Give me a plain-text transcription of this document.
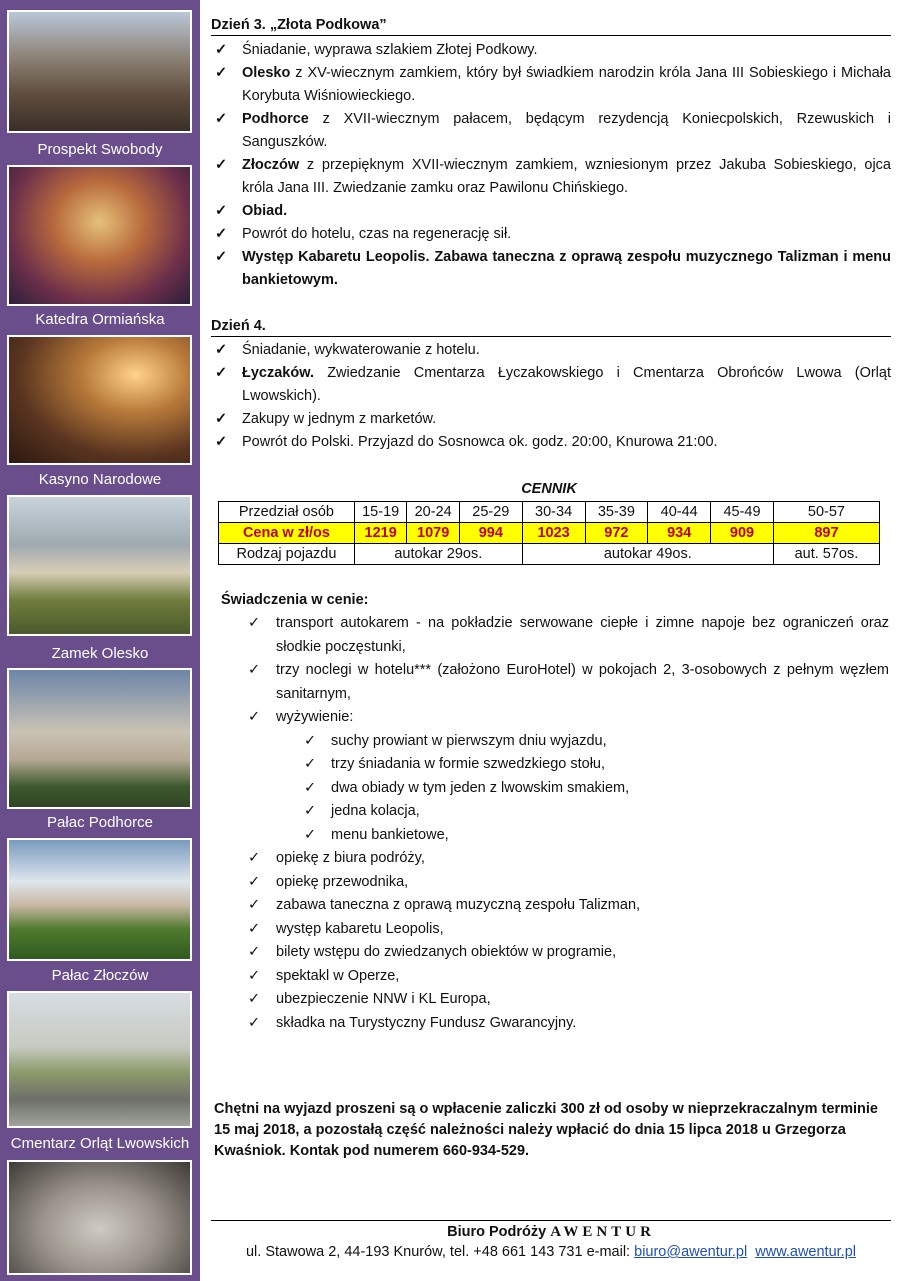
Prospekt Swobody
Katedra Ormiańska
Kasyno Narodowe
Zamek Olesko
Pałac Podhorce
Pałac Złoczów
Cmentarz Orląt Lwowskich
Dzień 3. „Złota Podkowa”
✓	Śniadanie, wyprawa szlakiem Złotej Podkowy.
✓	Olesko z XV-wiecznym zamkiem, który był świadkiem narodzin króla Jana III Sobieskiego i Michała Korybuta Wiśniowieckiego.
✓	Podhorce z XVII-wiecznym pałacem, będącym rezydencją Koniecpolskich, Rzewuskich i Sanguszków.
✓	Złoczów z przepięknym XVII-wiecznym zamkiem, wzniesionym przez Jakuba Sobieskiego, ojca króla Jana III. Zwiedzanie zamku oraz Pawilonu Chińskiego.
✓	Obiad.
✓	Powrót do hotelu, czas na regenerację sił.
✓	Występ Kabaretu Leopolis. Zabawa taneczna z oprawą zespołu muzycznego Talizman i menu bankietowym.
Dzień 4.
✓	Śniadanie, wykwaterowanie z hotelu.
✓	Łyczaków. Zwiedzanie Cmentarza Łyczakowskiego i Cmentarza Obrońców Lwowa (Orląt Lwowskich).
✓	Zakupy w jednym z marketów.
✓	Powrót do Polski. Przyjazd do Sosnowca ok. godz. 20:00, Knurowa 21:00.
CENNIK
Przedział osób	15-19	20-24	25-29	30-34	35-39	40-44	45-49	50-57
Cena w zł/os	1219	1079	994	1023	972	934	909	897
Rodzaj pojazdu	autokar 29os.			autokar 49os.				aut. 57os.
Świadczenia w cenie:
✓	transport autokarem - na pokładzie serwowane ciepłe i zimne napoje bez ograniczeń oraz słodkie poczęstunki,
✓	trzy noclegi w hotelu*** (założono EuroHotel) w pokojach 2, 3-osobowych z pełnym węzłem sanitarnym,
✓	wyżywienie:
✓	suchy prowiant w pierwszym dniu wyjazdu,
✓	trzy śniadania w formie szwedzkiego stołu,
✓	dwa obiady w tym jeden z lwowskim smakiem,
✓	jedna kolacja,
✓	menu bankietowe,
✓	opiekę z biura podróży,
✓	opiekę przewodnika,
✓	zabawa taneczna z oprawą muzyczną zespołu Talizman,
✓	występ kabaretu Leopolis,
✓	bilety wstępu do zwiedzanych obiektów w programie,
✓	spektakl w Operze,
✓	ubezpieczenie NNW i KL Europa,
✓	składka na Turystyczny Fundusz Gwarancyjny.
Chętni na wyjazd proszeni są o wpłacenie zaliczki 300 zł od osoby w nieprzekraczalnym terminie 15 maj 2018, a pozostałą część należności należy wpłacić do dnia 15 lipca 2018 u Grzegorza Kwaśniok. Kontak pod numerem 660-934-529.
Biuro Podróży AWENTUR
ul. Stawowa 2, 44-193 Knurów, tel. +48 661 143 731 e-mail: biuro@awentur.pl www.awentur.pl
